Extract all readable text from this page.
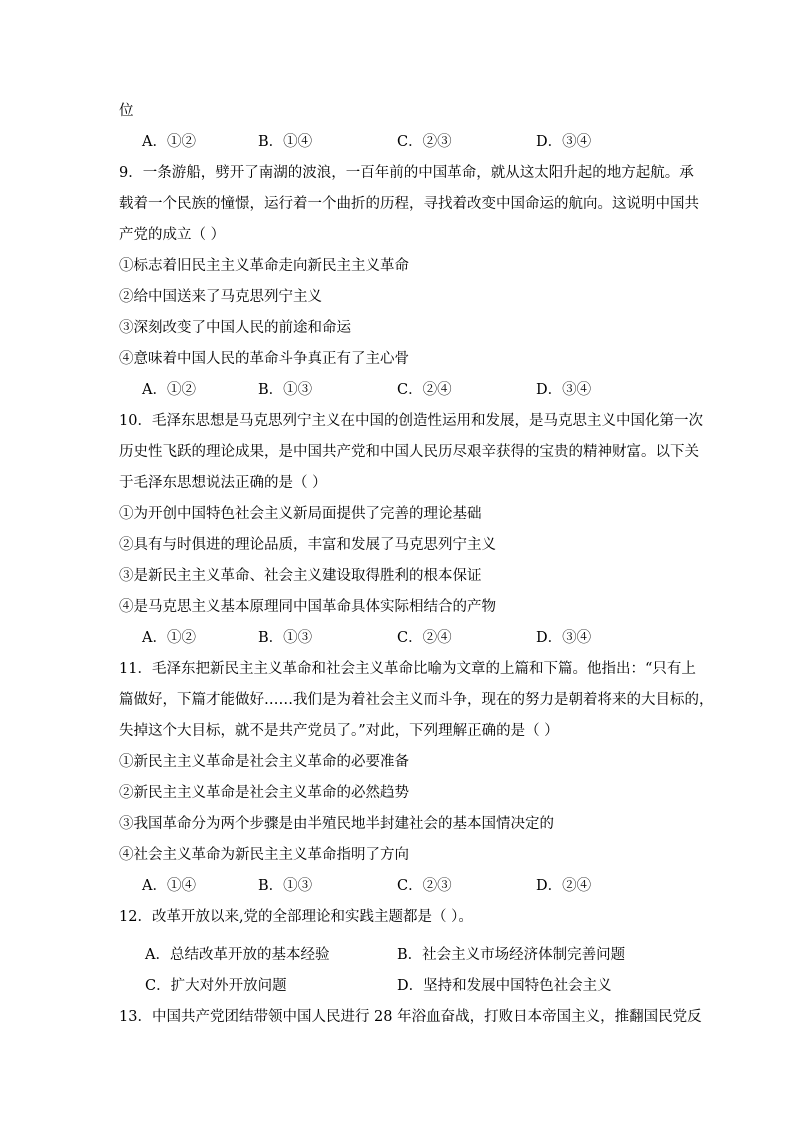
位
A．①②	B．①④	C．②③	D．③④
9．一条游船，劈开了南湖的波浪，一百年前的中国革命，就从这太阳升起的地方起航。承
载着一个民族的憧憬，运行着一个曲折的历程，寻找着改变中国命运的航向。这说明中国共
产党的成立（ ）
①标志着旧民主主义革命走向新民主主义革命
②给中国送来了马克思列宁主义
③深刻改变了中国人民的前途和命运
④意味着中国人民的革命斗争真正有了主心骨
A．①②	B．①③	C．②④	D．③④
10．毛泽东思想是马克思列宁主义在中国的创造性运用和发展，是马克思主义中国化第一次
历史性飞跃的理论成果，是中国共产党和中国人民历尽艰辛获得的宝贵的精神财富。以下关
于毛泽东思想说法正确的是（ ）
①为开创中国特色社会主义新局面提供了完善的理论基础
②具有与时俱进的理论品质，丰富和发展了马克思列宁主义
③是新民主主义革命、社会主义建设取得胜利的根本保证
④是马克思主义基本原理同中国革命具体实际相结合的产物
A．①②	B．①③	C．②④	D．③④
11．毛泽东把新民主主义革命和社会主义革命比喻为文章的上篇和下篇。他指出：“只有上
篇做好，下篇才能做好……我们是为着社会主义而斗争，现在的努力是朝着将来的大目标的，
失掉这个大目标，就不是共产党员了。”对此，下列理解正确的是（ ）
①新民主主义革命是社会主义革命的必要准备
②新民主主义革命是社会主义革命的必然趋势
③我国革命分为两个步骤是由半殖民地半封建社会的基本国情决定的
④社会主义革命为新民主主义革命指明了方向
A．①④	B．①③	C．②③	D．②④
12．改革开放以来,党的全部理论和实践主题都是（ ）。
A．总结改革开放的基本经验	B．社会主义市场经济体制完善问题
C．扩大对外开放问题	D．坚持和发展中国特色社会主义
13．中国共产党团结带领中国人民进行 28 年浴血奋战，打败日本帝国主义，推翻国民党反
